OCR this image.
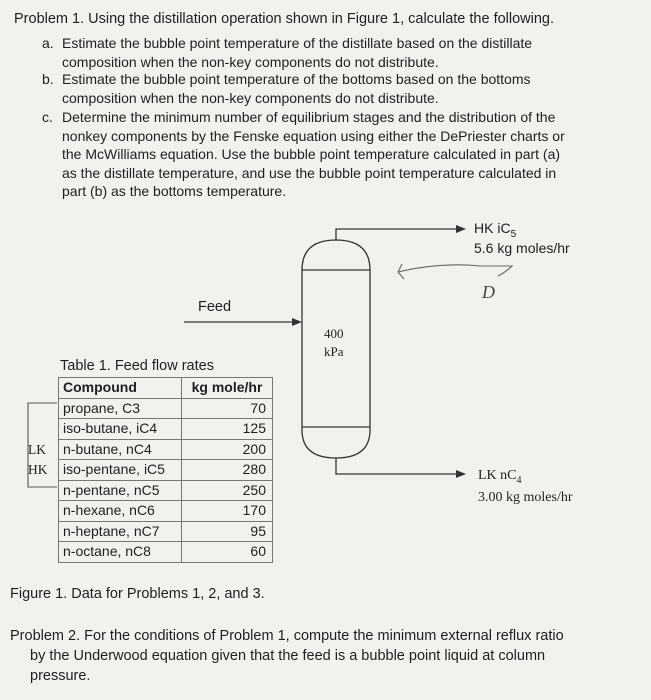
Problem 1. Using the distillation operation shown in Figure 1, calculate the following.
a. Estimate the bubble point temperature of the distillate based on the distillate
composition when the non-key components do not distribute.
b. Estimate the bubble point temperature of the bottoms based on the bottoms
composition when the non-key components do not distribute.
c. Determine the minimum number of equilibrium stages and the distribution of the
nonkey components by the Fenske equation using either the DePriester charts or
the McWilliams equation. Use the bubble point temperature calculated in part (a)
as the distillate temperature, and use the bubble point temperature calculated in
part (b) as the bottoms temperature.
400
kPa
HK $iC_5$
5.6 kg moles/hr
D
Feed
LK $nC_4$
3.00 kg moles/hr
Table 1. Feed flow rates
Compound	kg mole/hr
propane, C3	70
iso-butane, iC4	125
n-butane, nC4	200
iso-pentane, iC5	280
n-pentane, nC5	250
n-hexane, nC6	170
n-heptane, nC7	95
n-octane, nC8	60
LK
HK
Figure 1. Data for Problems 1, 2, and 3.
Problem 2. For the conditions of Problem 1, compute the minimum external reflux ratio
by the Underwood equation given that the feed is a bubble point liquid at column
pressure.
